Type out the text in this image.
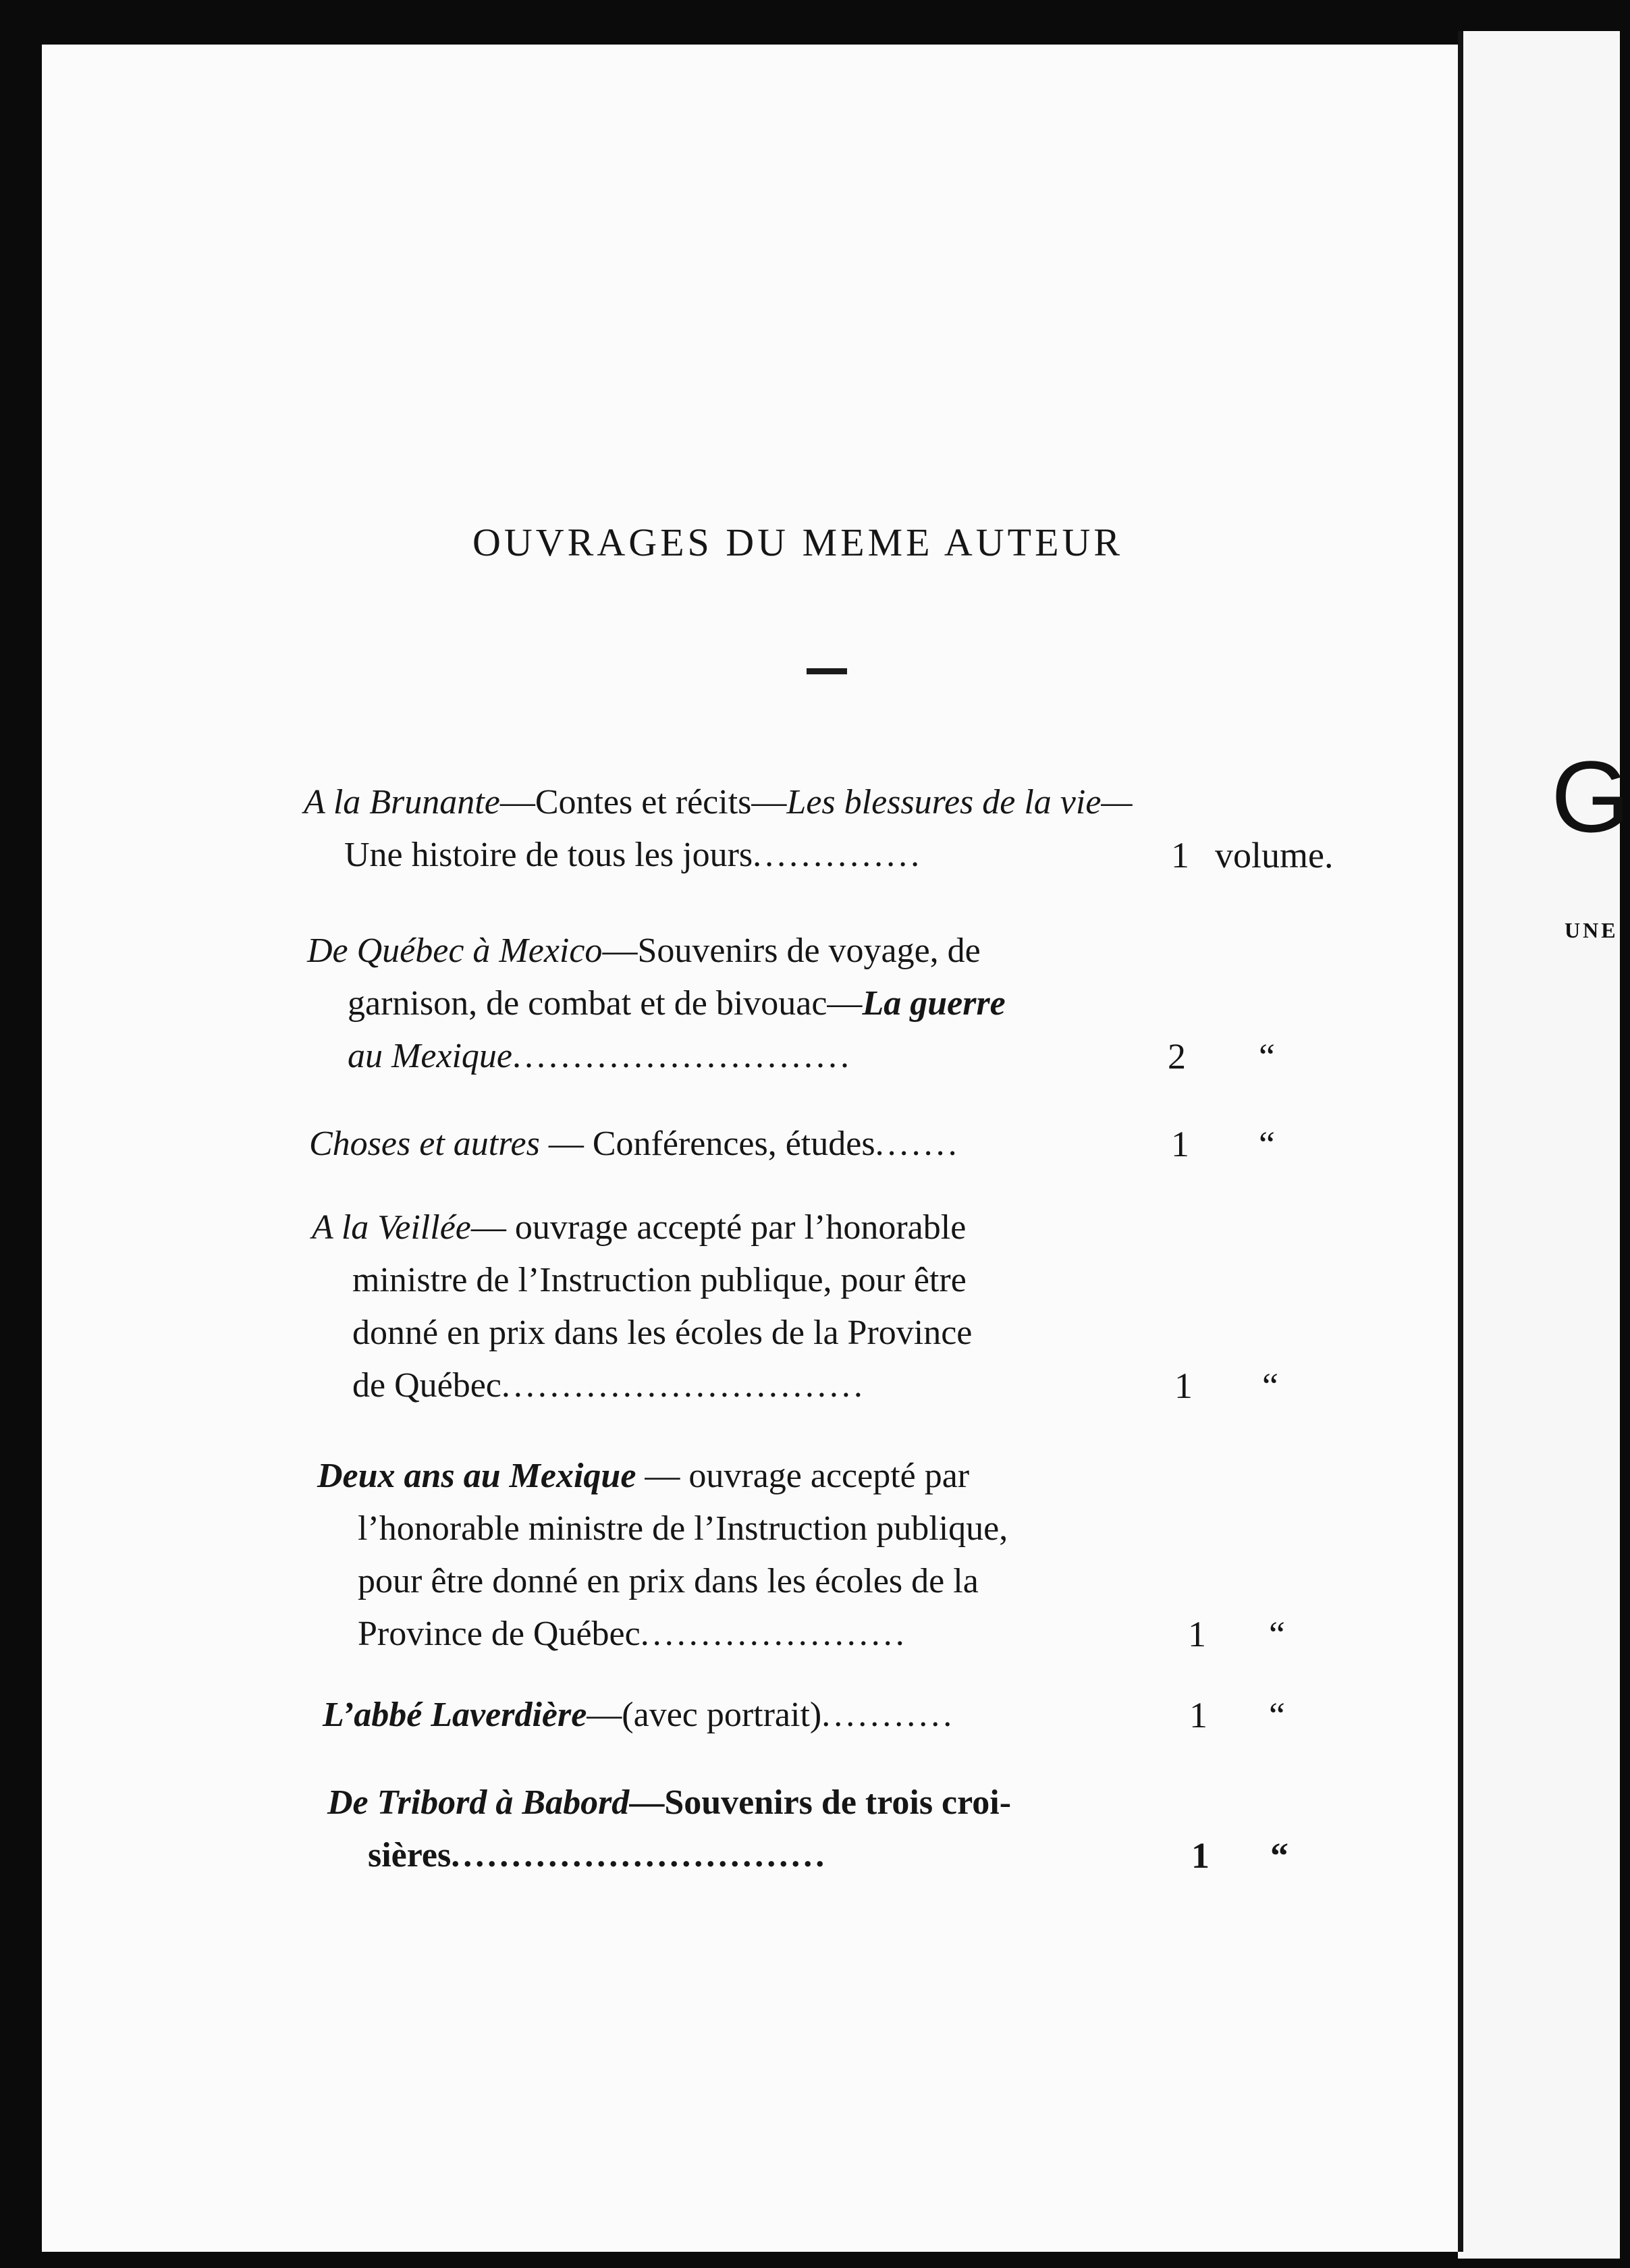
OUVRAGES DU MEME AUTEUR
A la Brunante—Contes et récits—Les blessures de la vie—
Une histoire de tous les jours..............	1 volume.
De Québec à Mexico—Souvenirs de voyage, de
garnison, de combat et de bivouac—La guerre
au Mexique............................	2 “
Choses et autres — Conférences, études.......	1 “
A la Veillée— ouvrage accepté par l’honorable
ministre de l’Instruction publique, pour être
donné en prix dans les écoles de la Province
de Québec..............................	1 “
Deux ans au Mexique — ouvrage accepté par
l’honorable ministre de l’Instruction publique,
pour être donné en prix dans les écoles de la
Province de Québec......................	1 “
L’abbé Laverdière—(avec portrait)...........	1 “
De Tribord à Babord—Souvenirs de trois croi-
sières...............................	1 “
G
UNE
